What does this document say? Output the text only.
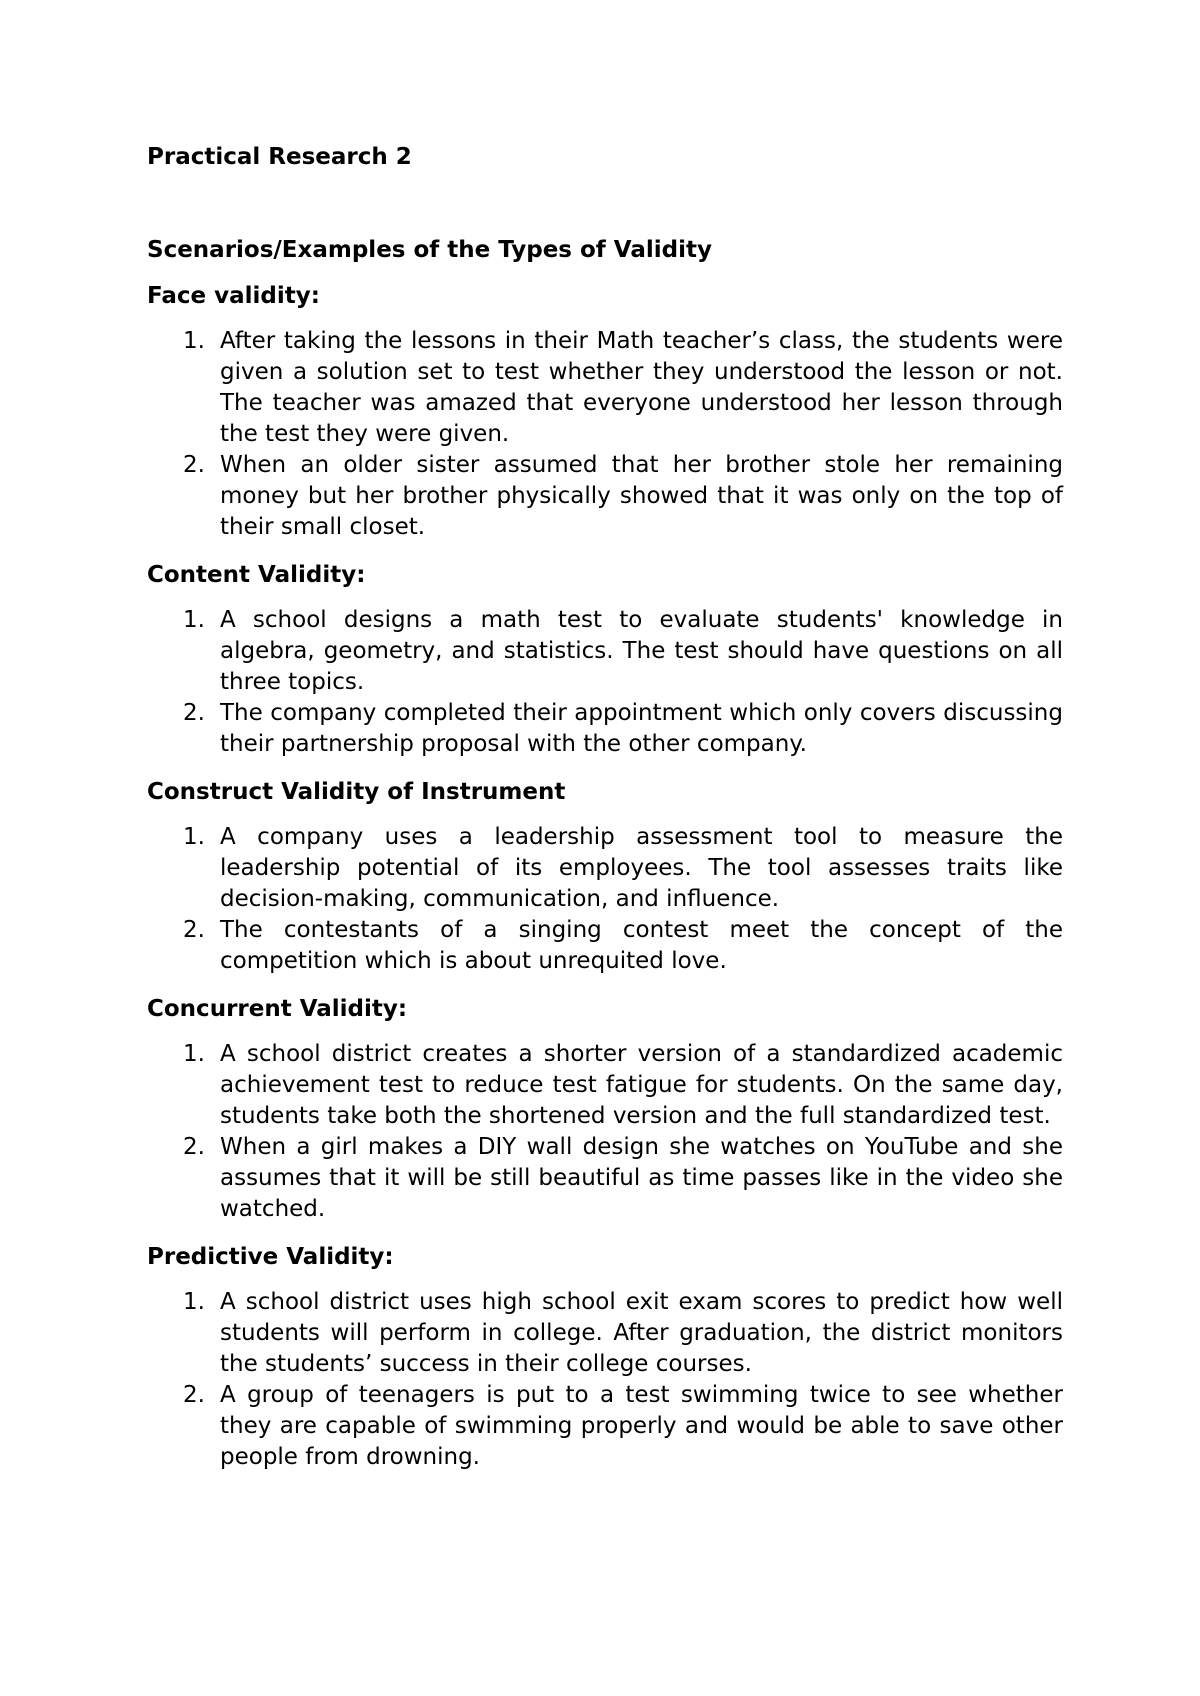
Practical Research 2

Scenarios/Examples of the Types of Validity

Face validity:

1. After taking the lessons in their Math teacher’s class, the students were given a solution set to test whether they understood the lesson or not. The teacher was amazed that everyone understood her lesson through the test they were given.
2. When an older sister assumed that her brother stole her remaining money but her brother physically showed that it was only on the top of their small closet.

Content Validity:

1. A school designs a math test to evaluate students' knowledge in algebra, geometry, and statistics. The test should have questions on all three topics.
2. The company completed their appointment which only covers discussing their partnership proposal with the other company.

Construct Validity of Instrument

1. A company uses a leadership assessment tool to measure the leadership potential of its employees. The tool assesses traits like decision-making, communication, and influence.
2. The contestants of a singing contest meet the concept of the competition which is about unrequited love.

Concurrent Validity:

1. A school district creates a shorter version of a standardized academic achievement test to reduce test fatigue for students. On the same day, students take both the shortened version and the full standardized test.
2. When a girl makes a DIY wall design she watches on YouTube and she assumes that it will be still beautiful as time passes like in the video she watched.

Predictive Validity:

1. A school district uses high school exit exam scores to predict how well students will perform in college. After graduation, the district monitors the students’ success in their college courses.
2. A group of teenagers is put to a test swimming twice to see whether they are capable of swimming properly and would be able to save other people from drowning.
